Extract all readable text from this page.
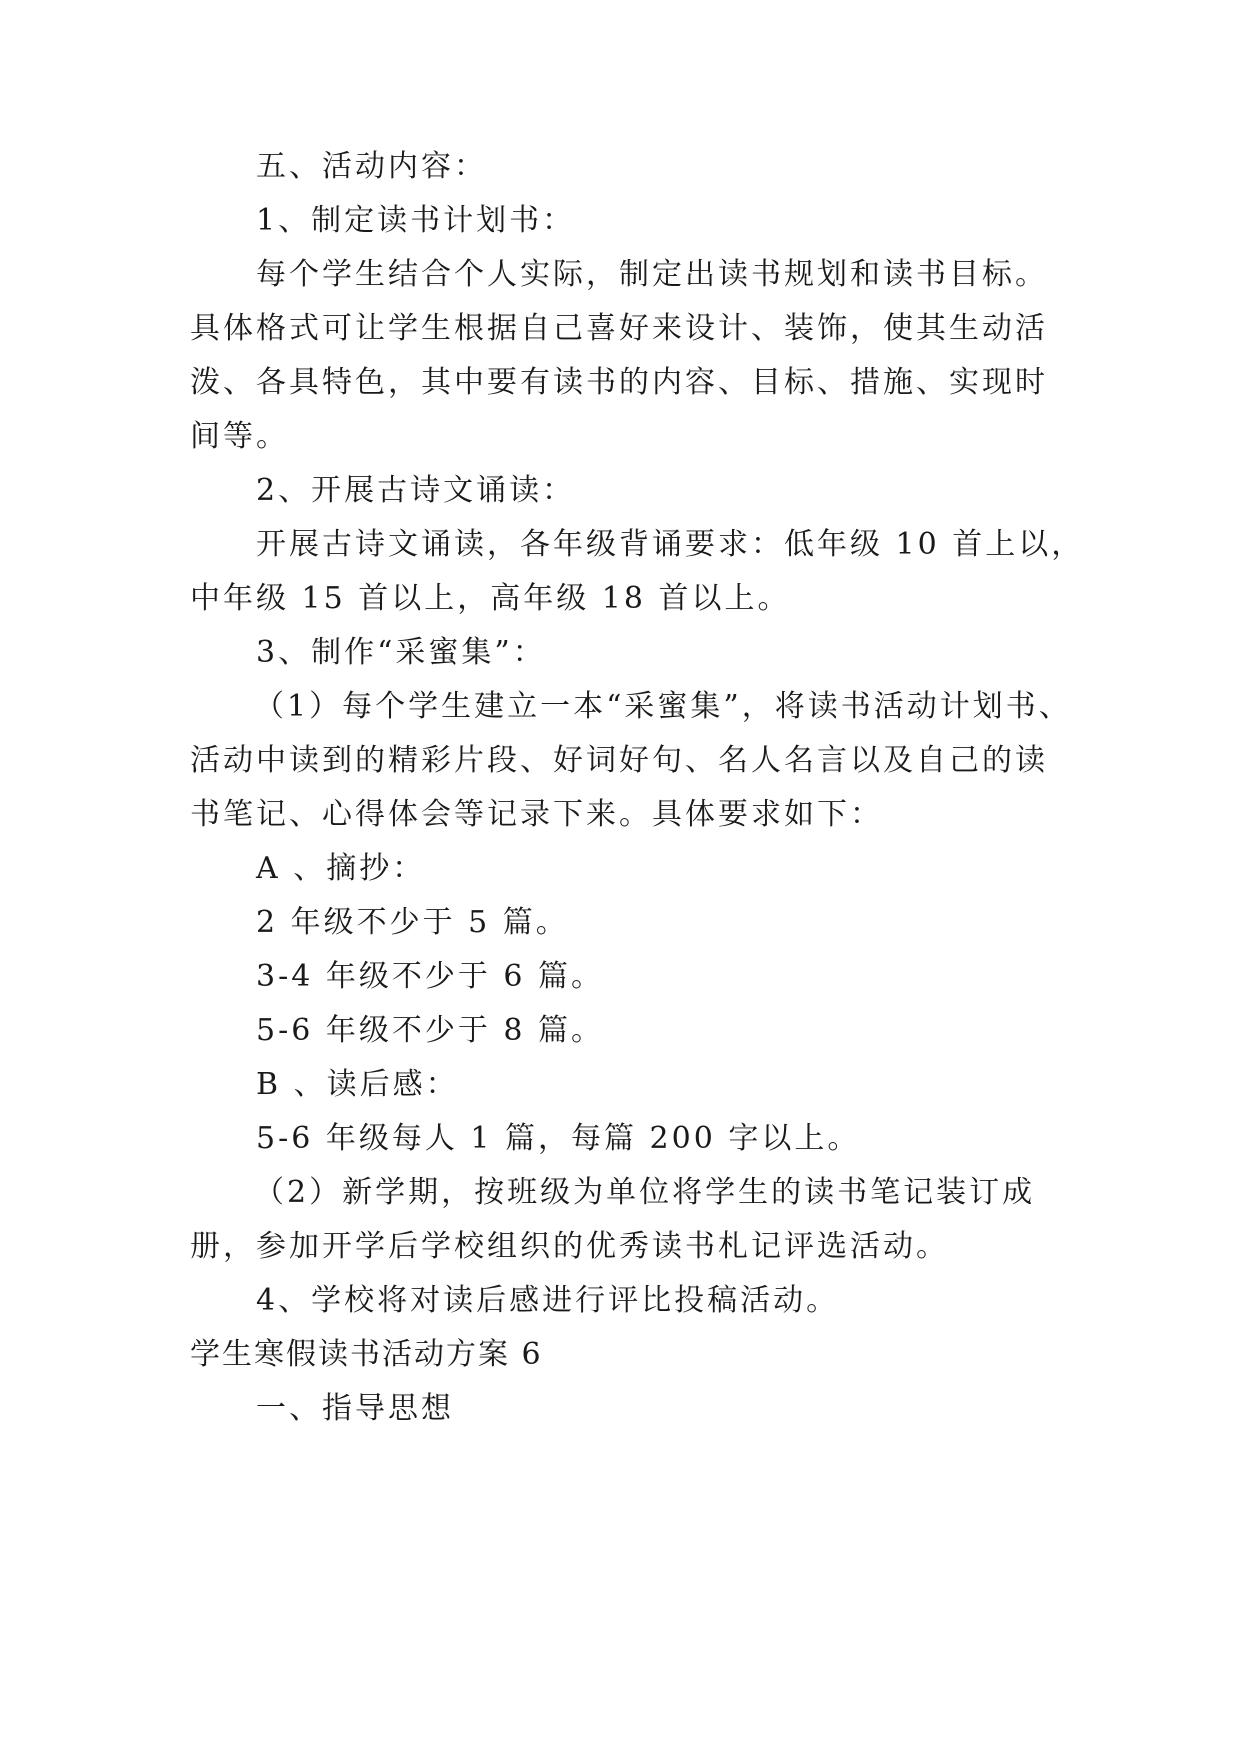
五、活动内容：
1、制定读书计划书：
每个学生结合个人实际，制定出读书规划和读书目标。
具体格式可让学生根据自己喜好来设计、装饰，使其生动活
泼、各具特色，其中要有读书的内容、目标、措施、实现时
间等。
2、开展古诗文诵读：
开展古诗文诵读，各年级背诵要求：低年级 10 首上以，
中年级 15 首以上，高年级 18 首以上。
3、制作“采蜜集”：
（1）每个学生建立一本“采蜜集”，将读书活动计划书、
活动中读到的精彩片段、好词好句、名人名言以及自己的读
书笔记、心得体会等记录下来。具体要求如下：
A 、摘抄：
2 年级不少于 5 篇。
3-4 年级不少于 6 篇。
5-6 年级不少于 8 篇。
B 、读后感：
5-6 年级每人 1 篇，每篇 200 字以上。
（2）新学期，按班级为单位将学生的读书笔记装订成
册，参加开学后学校组织的优秀读书札记评选活动。
4、学校将对读后感进行评比投稿活动。
学生寒假读书活动方案 6
一、指导思想
